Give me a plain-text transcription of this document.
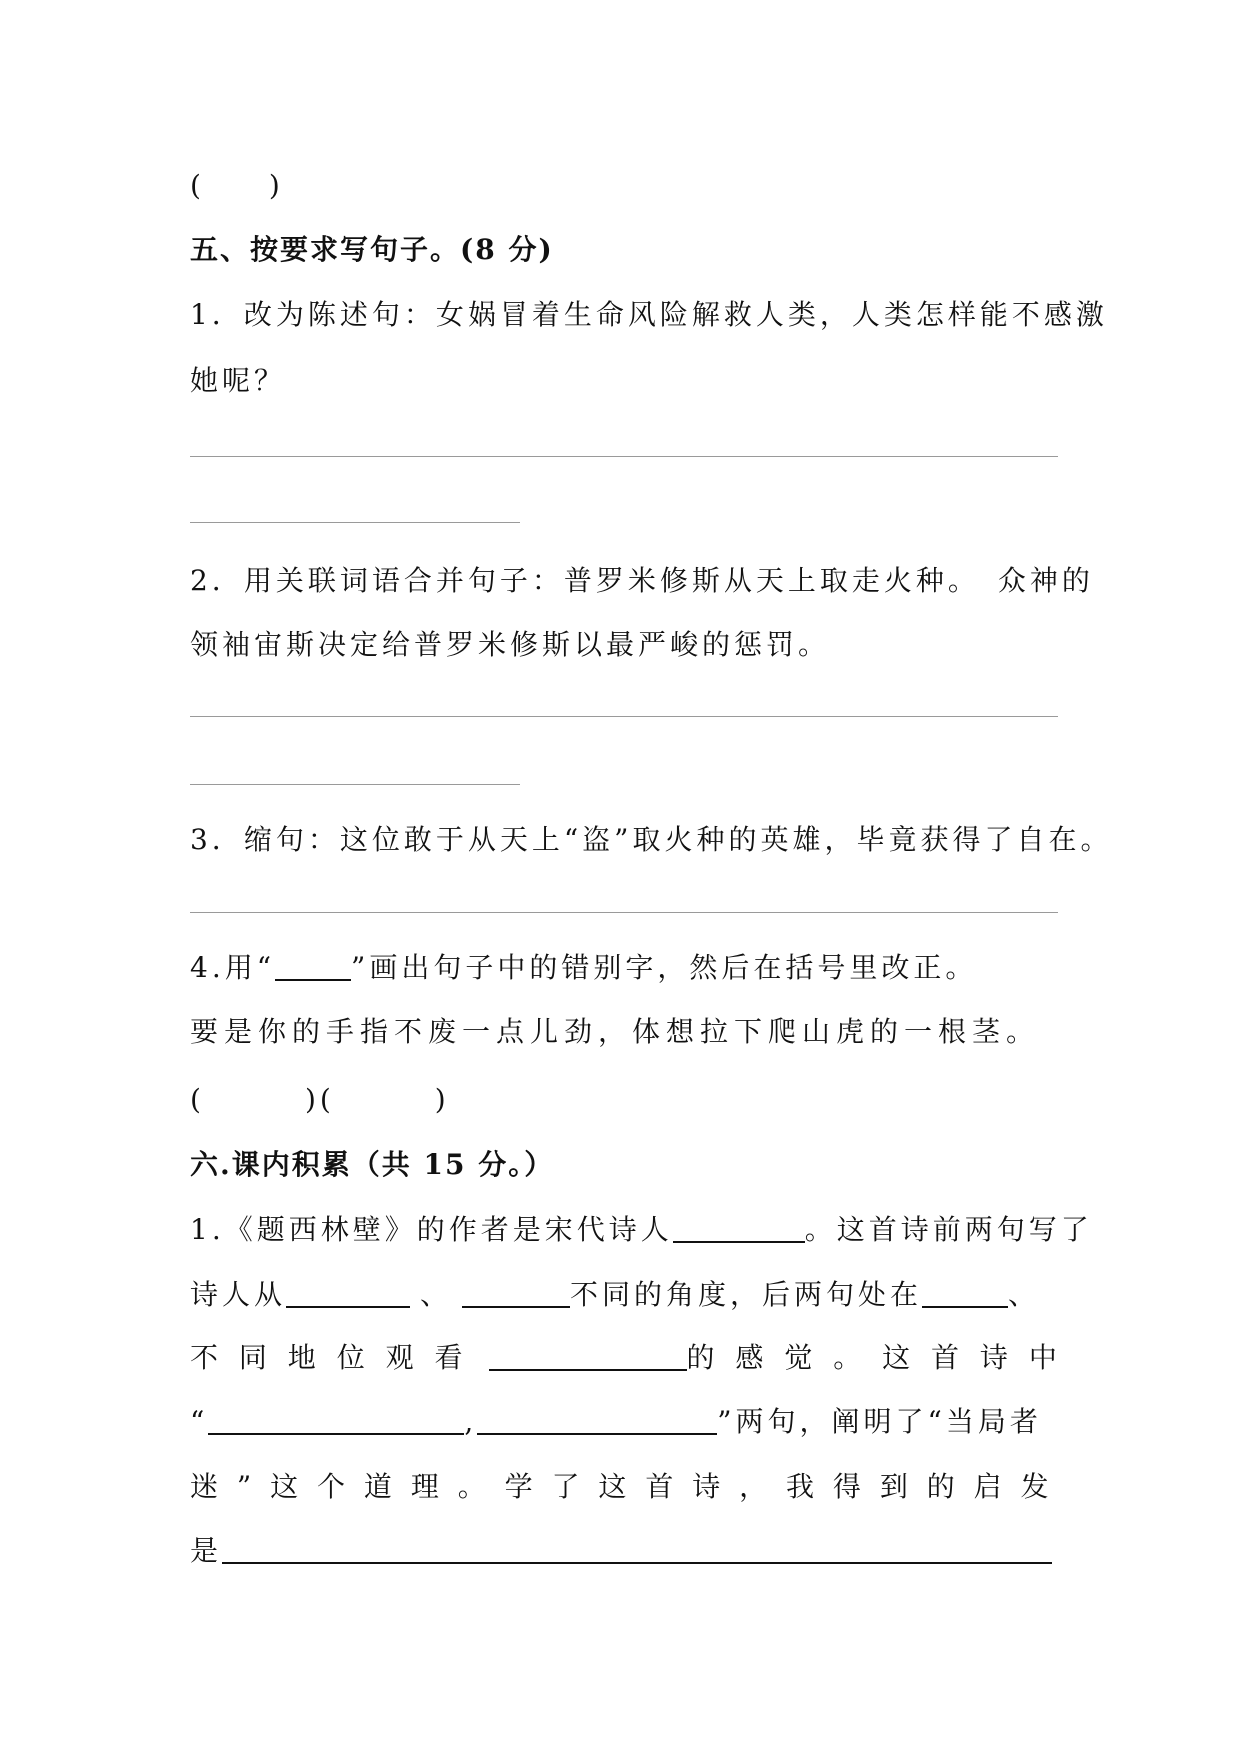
(　　)
五、按要求写句子。(8 分)
1．改为陈述句：女娲冒着生命风险解救人类，人类怎样能不感激
她呢？
2．用关联词语合并句子：普罗米修斯从天上取走火种。　众神的
领袖宙斯决定给普罗米修斯以最严峻的惩罚。
3．缩句：这位敢于从天上“盗”取火种的英雄，毕竟获得了自在。
4.用“	”画出句子中的错别字，然后在括号里改正。
要是你的手指不废一点儿劲，体想拉下爬山虎的一根茎。
(	)(	)
六.课内积累（共 15 分。）
1.《题西林壁》的作者是宋代诗人	。这首诗前两句写了
诗人从	、	不同的角度，后两句处在	、
不 同 地 位 观 看	的 感 觉 。 这 首 诗 中
“	,	”两句，阐明了“当局者
迷 ” 这 个 道 理 。 学 了 这 首 诗 ， 我 得 到 的 启 发
是
